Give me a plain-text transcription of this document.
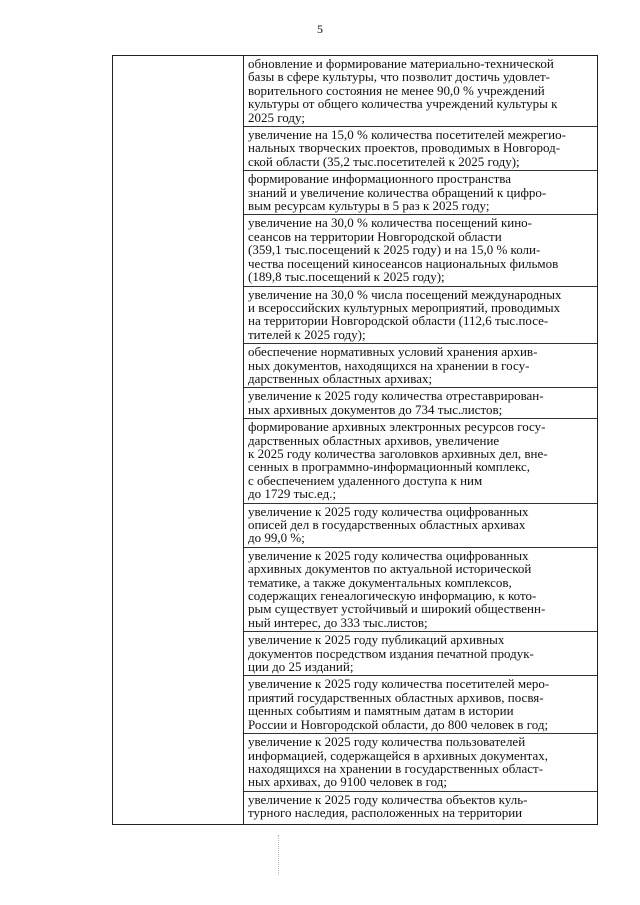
5
обновление и формирование материально-технической
базы в сфере культуры, что позволит достичь удовлет-
ворительного состояния не менее 90,0 % учреждений
культуры от общего количества учреждений культуры к
2025 году;
увеличение на 15,0 % количества посетителей межрегио-
нальных творческих проектов, проводимых в Новгород-
ской области (35,2 тыс.посетителей к 2025 году);
формирование информационного пространства
знаний и увеличение количества обращений к цифро-
вым ресурсам культуры в 5 раз к 2025 году;
увеличение на 30,0 % количества посещений кино-
сеансов на территории Новгородской области
(359,1 тыс.посещений к 2025 году) и на 15,0 % коли-
чества посещений киносеансов национальных фильмов
(189,8 тыс.посещений к 2025 году);
увеличение на 30,0 % числа посещений международных
и всероссийских культурных мероприятий, проводимых
на территории Новгородской области (112,6 тыс.посе-
тителей к 2025 году);
обеспечение нормативных условий хранения архив-
ных документов, находящихся на хранении в госу-
дарственных областных архивах;
увеличение к 2025 году количества отреставрирован-
ных архивных документов до 734 тыс.листов;
формирование архивных электронных ресурсов госу-
дарственных областных архивов, увеличение
к 2025 году количества заголовков архивных дел, вне-
сенных в программно-информационный комплекс,
с обеспечением удаленного доступа к ним
до 1729 тыс.ед.;
увеличение к 2025 году количества оцифрованных
описей дел в государственных областных архивах
до 99,0 %;
увеличение к 2025 году количества оцифрованных
архивных документов по актуальной исторической
тематике, а также документальных комплексов,
содержащих генеалогическую информацию, к кото-
рым существует устойчивый и широкий общественн-
ный интерес, до 333 тыс.листов;
увеличение к 2025 году публикаций архивных
документов посредством издания печатной продук-
ции до 25 изданий;
увеличение к 2025 году количества посетителей меро-
приятий государственных областных архивов, посвя-
щенных событиям и памятным датам в истории
России и Новгородской области, до 800 человек в год;
увеличение к 2025 году количества пользователей
информацией, содержащейся в архивных документах,
находящихся на хранении в государственных област-
ных архивах, до 9100 человек в год;
увеличение к 2025 году количества объектов куль-
турного наследия, расположенных на территории
